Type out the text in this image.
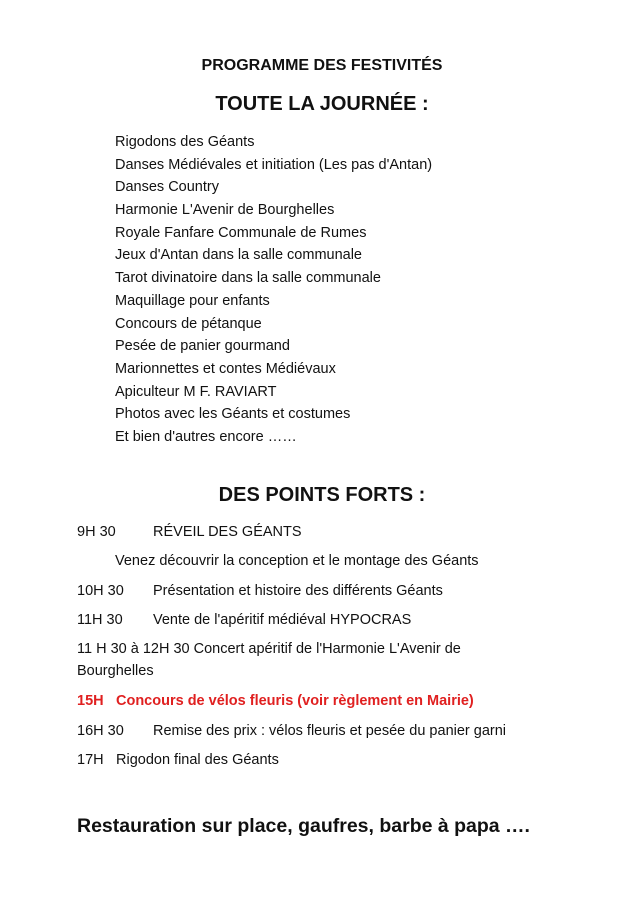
PROGRAMME DES FESTIVITÉS
TOUTE LA JOURNÉE :
Rigodons des Géants
Danses Médiévales et initiation (Les pas d'Antan)
Danses Country
Harmonie L'Avenir de Bourghelles
Royale Fanfare Communale de Rumes
Jeux d'Antan dans la salle communale
Tarot divinatoire dans la salle communale
Maquillage pour enfants
Concours de pétanque
Pesée de panier gourmand
Marionnettes et contes Médiévaux
Apiculteur M F. RAVIART
Photos avec les Géants et costumes
Et bien d'autres encore ……
DES POINTS FORTS :
9H 30	RÉVEIL DES GÉANTS
Venez découvrir la conception et le montage des Géants
10H 30 Présentation et histoire des différents Géants
11H 30 Vente de l'apéritif médiéval HYPOCRAS
11 H 30 à 12H 30 Concert apéritif de l'Harmonie L'Avenir de Bourghelles
15H Concours de vélos fleuris (voir règlement en Mairie)
16H 30 Remise des prix : vélos fleuris et pesée du panier garni
17H Rigodon final des Géants
Restauration sur place, gaufres, barbe à papa ….
